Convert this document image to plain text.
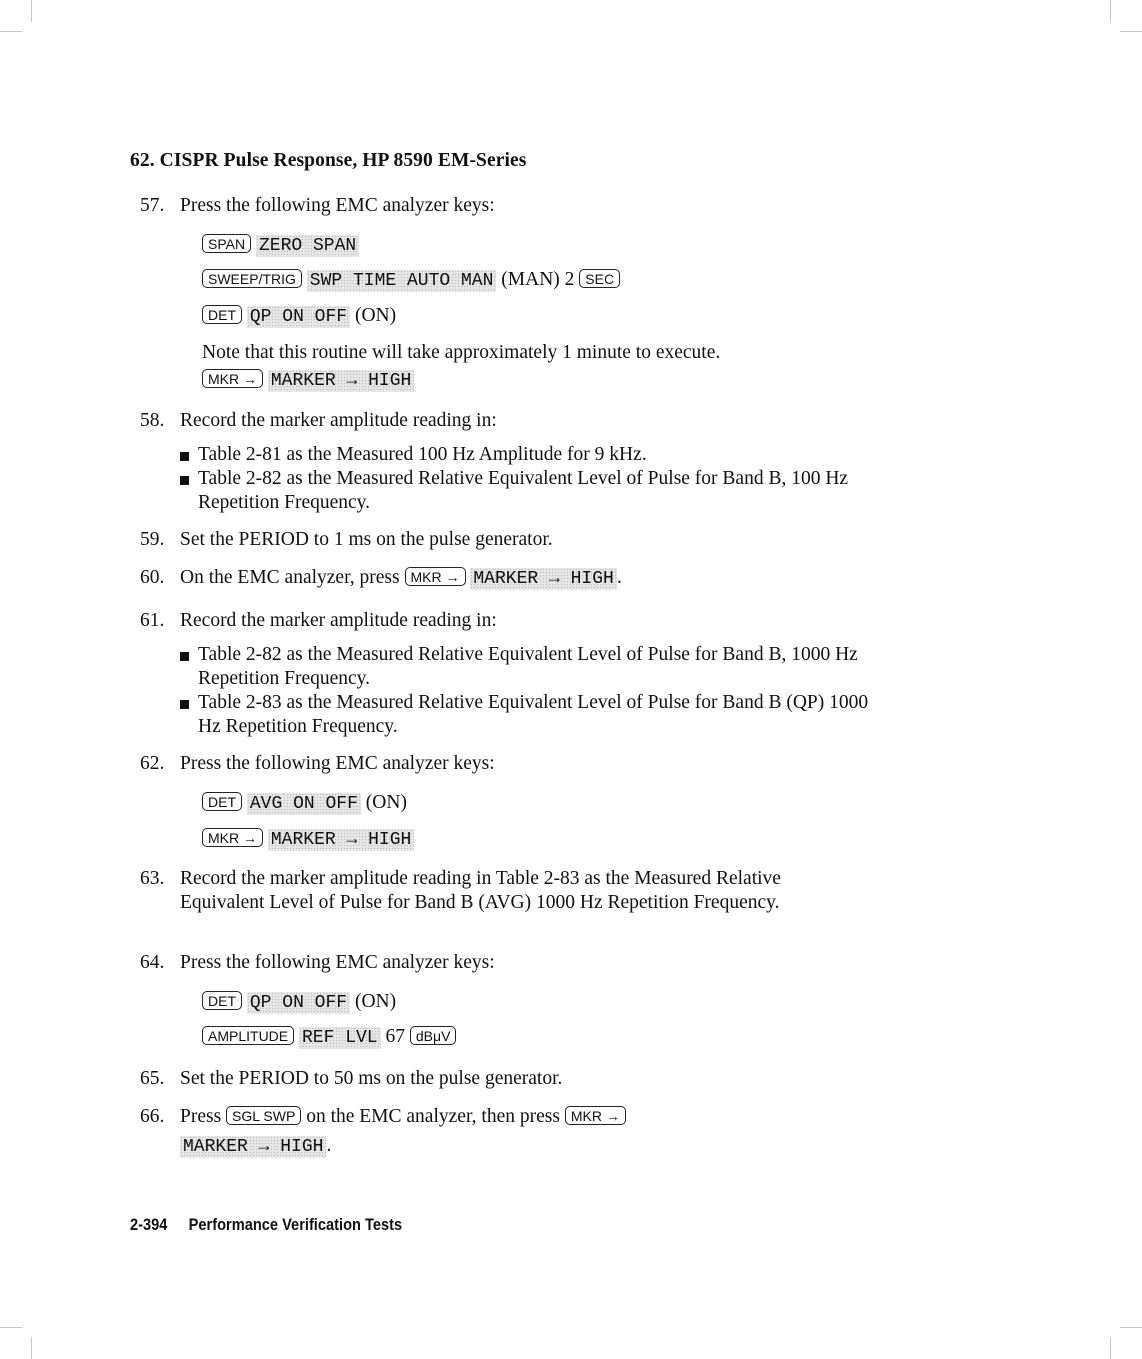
62. CISPR Pulse Response, HP 8590 EM-Series
57. Press the following EMC analyzer keys:
SPAN ZERO SPAN
SWEEP/TRIG SWP TIME AUTO MAN (MAN) 2 SEC
DET QP ON OFF (ON)
Note that this routine will take approximately 1 minute to execute.
MKR → MARKER → HIGH
58. Record the marker amplitude reading in:
Table 2-81 as the Measured 100 Hz Amplitude for 9 kHz.
Table 2-82 as the Measured Relative Equivalent Level of Pulse for Band B, 100 Hz Repetition Frequency.
59. Set the PERIOD to 1 ms on the pulse generator.
60. On the EMC analyzer, press MKR → MARKER → HIGH .
61. Record the marker amplitude reading in:
Table 2-82 as the Measured Relative Equivalent Level of Pulse for Band B, 1000 Hz Repetition Frequency.
Table 2-83 as the Measured Relative Equivalent Level of Pulse for Band B (QP) 1000 Hz Repetition Frequency.
62. Press the following EMC analyzer keys:
DET AVG ON OFF (ON)
MKR → MARKER → HIGH
63. Record the marker amplitude reading in Table 2-83 as the Measured Relative Equivalent Level of Pulse for Band B (AVG) 1000 Hz Repetition Frequency.
64. Press the following EMC analyzer keys:
DET QP ON OFF (ON)
AMPLITUDE REF LVL 67 dBμV
65. Set the PERIOD to 50 ms on the pulse generator.
66. Press SGL SWP on the EMC analyzer, then press MKR → MARKER → HIGH .
2-394 Performance Verification Tests
